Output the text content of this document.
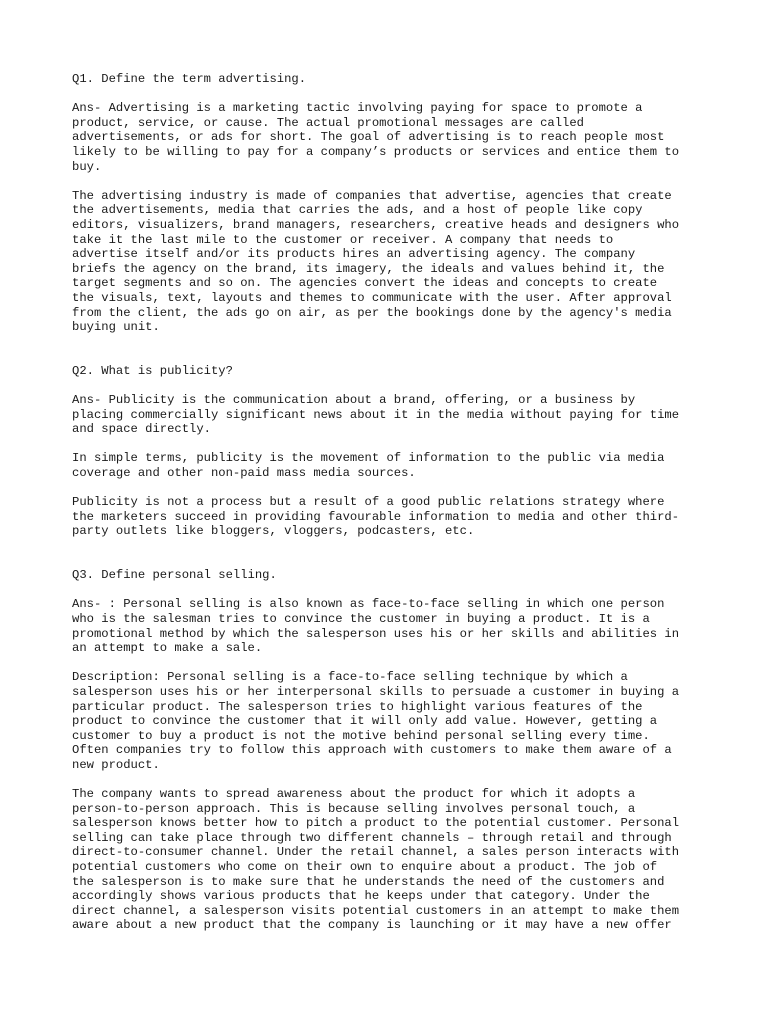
Q1. Define the term advertising.

Ans- Advertising is a marketing tactic involving paying for space to promote a
product, service, or cause. The actual promotional messages are called
advertisements, or ads for short. The goal of advertising is to reach people most
likely to be willing to pay for a company’s products or services and entice them to
buy.

The advertising industry is made of companies that advertise, agencies that create
the advertisements, media that carries the ads, and a host of people like copy
editors, visualizers, brand managers, researchers, creative heads and designers who
take it the last mile to the customer or receiver. A company that needs to
advertise itself and/or its products hires an advertising agency. The company
briefs the agency on the brand, its imagery, the ideals and values behind it, the
target segments and so on. The agencies convert the ideas and concepts to create
the visuals, text, layouts and themes to communicate with the user. After approval
from the client, the ads go on air, as per the bookings done by the agency's media
buying unit.

Q2. What is publicity?

Ans- Publicity is the communication about a brand, offering, or a business by
placing commercially significant news about it in the media without paying for time
and space directly.

In simple terms, publicity is the movement of information to the public via media
coverage and other non-paid mass media sources.

Publicity is not a process but a result of a good public relations strategy where
the marketers succeed in providing favourable information to media and other third-
party outlets like bloggers, vloggers, podcasters, etc.

Q3. Define personal selling.

Ans- : Personal selling is also known as face-to-face selling in which one person
who is the salesman tries to convince the customer in buying a product. It is a
promotional method by which the salesperson uses his or her skills and abilities in
an attempt to make a sale.

Description: Personal selling is a face-to-face selling technique by which a
salesperson uses his or her interpersonal skills to persuade a customer in buying a
particular product. The salesperson tries to highlight various features of the
product to convince the customer that it will only add value. However, getting a
customer to buy a product is not the motive behind personal selling every time.
Often companies try to follow this approach with customers to make them aware of a
new product.

The company wants to spread awareness about the product for which it adopts a
person-to-person approach. This is because selling involves personal touch, a
salesperson knows better how to pitch a product to the potential customer. Personal
selling can take place through two different channels – through retail and through
direct-to-consumer channel. Under the retail channel, a sales person interacts with
potential customers who come on their own to enquire about a product. The job of
the salesperson is to make sure that he understands the need of the customers and
accordingly shows various products that he keeps under that category. Under the
direct channel, a salesperson visits potential customers in an attempt to make them
aware about a new product that the company is launching or it may have a new offer
